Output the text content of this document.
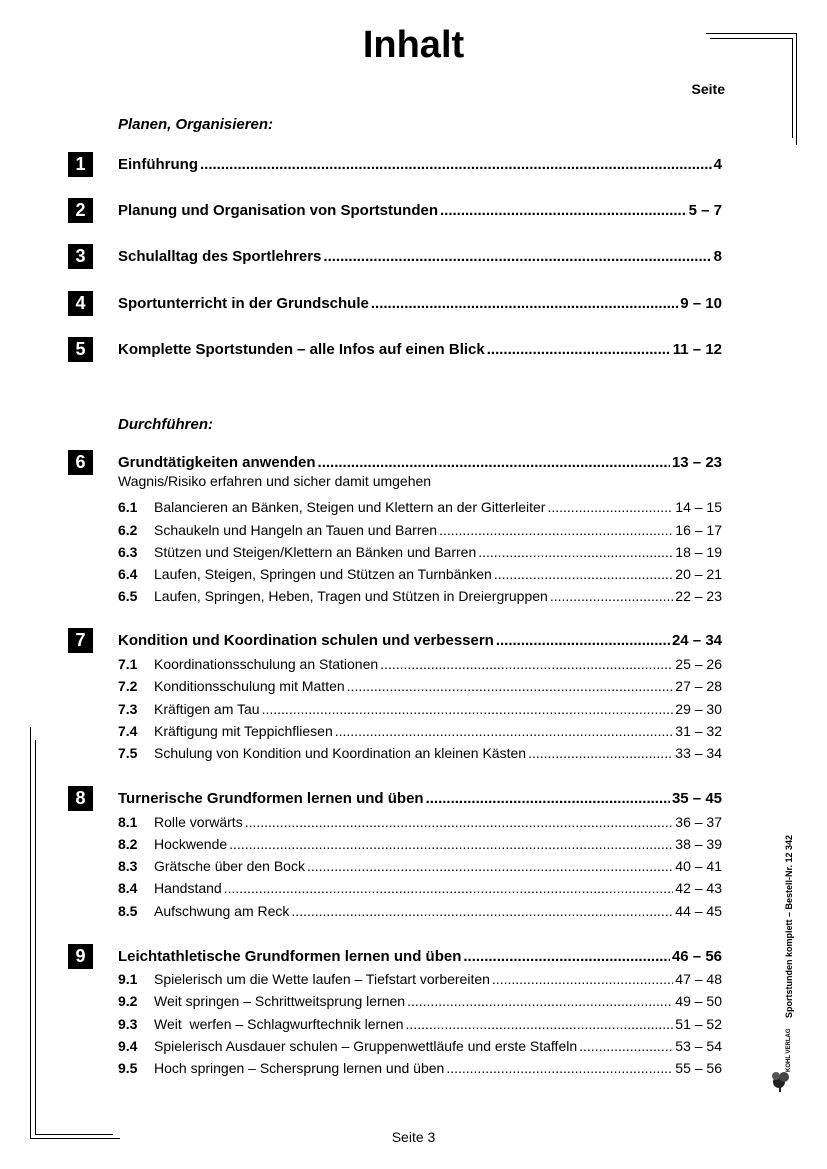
Inhalt
Seite
Planen, Organisieren:
Durchführen:
1	Einführung .....	4
2	Planung und Organisation von Sportstunden .....	5 – 7
3	Schulalltag des Sportlehrers .....	8
4	Sportunterricht in der Grundschule .....	9 – 10
5	Komplette Sportstunden – alle Infos auf einen Blick .....	11 – 12
6	Grundtätigkeiten anwenden .....	13 – 23
Wagnis/Risiko erfahren und sicher damit umgehen
6.1 Balancieren an Bänken, Steigen und Klettern an der Gitterleiter .....	14 – 15
6.2 Schaukeln und Hangeln an Tauen und Barren .....	16 – 17
6.3 Stützen und Steigen/Klettern an Bänken und Barren .....	18 – 19
6.4 Laufen, Steigen, Springen und Stützen an Turnbänken .....	20 – 21
6.5 Laufen, Springen, Heben, Tragen und Stützen in Dreiergruppen .....	22 – 23
7	Kondition und Koordination schulen und verbessern .....	24 – 34
7.1 Koordinationsschulung an Stationen .....	25 – 26
7.2 Konditionsschulung mit Matten .....	27 – 28
7.3 Kräftigen am Tau .....	29 – 30
7.4 Kräftigung mit Teppichfliesen .....	31 – 32
7.5 Schulung von Kondition und Koordination an kleinen Kästen .....	33 – 34
8	Turnerische Grundformen lernen und üben .....	35 – 45
8.1 Rolle vorwärts .....	36 – 37
8.2 Hockwende .....	38 – 39
8.3 Grätsche über den Bock .....	40 – 41
8.4 Handstand .....	42 – 43
8.5 Aufschwung am Reck .....	44 – 45
9	Leichtathletische Grundformen lernen und üben .....	46 – 56
9.1 Spielerisch um die Wette laufen – Tiefstart vorbereiten .....	47 – 48
9.2 Weit springen – Schrittweitsprung lernen .....	49 – 50
9.3 Weit  werfen – Schlagwurftechnik lernen .....	51 – 52
9.4 Spielerisch Ausdauer schulen – Gruppenwettläufe und erste Staffeln .....	53 – 54
9.5 Hoch springen – Schersprung lernen und üben .....	55 – 56
Sportstunden komplett – Bestell-Nr. 12 342
KOHL VERLAG
Seite 3
